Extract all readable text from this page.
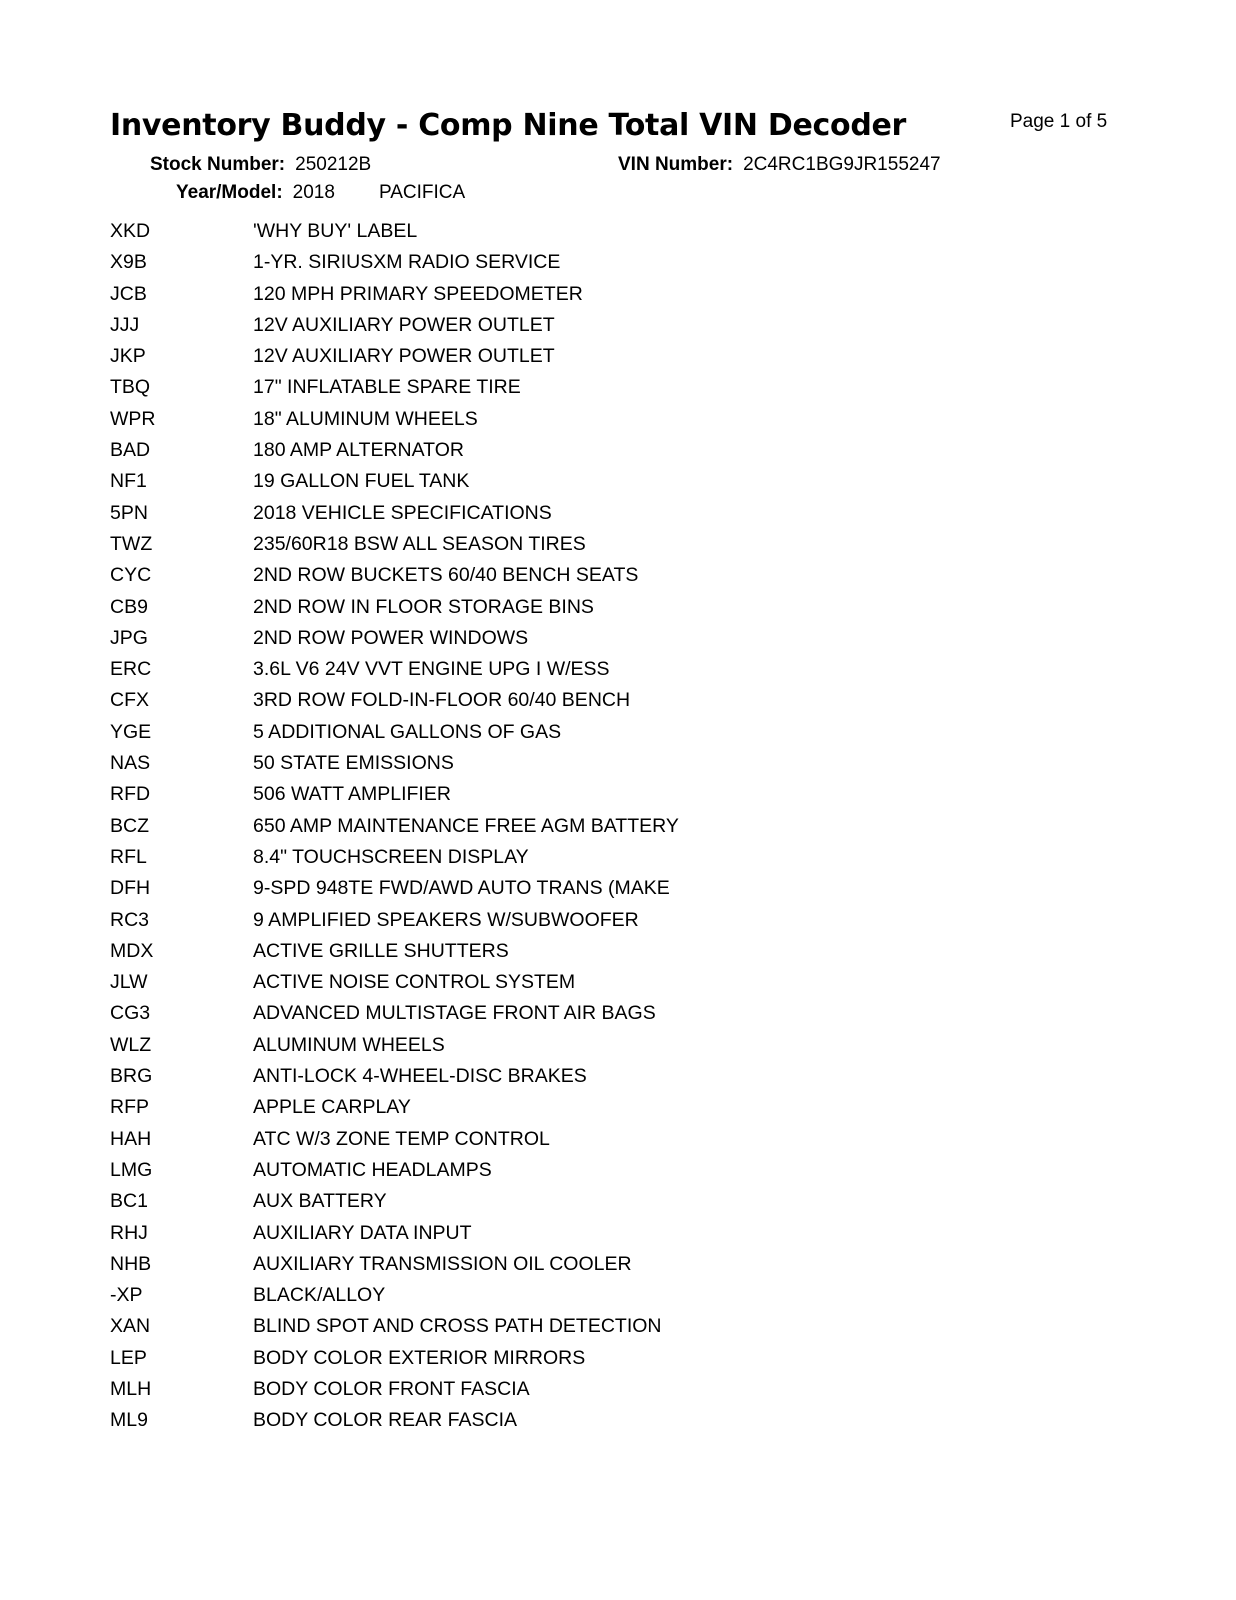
Inventory Buddy - Comp Nine Total VIN Decoder	Page 1 of 5
Stock Number: 250212B	VIN Number: 2C4RC1BG9JR155247
Year/Model: 2018 PACIFICA
XKD	'WHY BUY' LABEL
X9B	1-YR. SIRIUSXM RADIO SERVICE
JCB	120 MPH PRIMARY SPEEDOMETER
JJJ	12V AUXILIARY POWER OUTLET
JKP	12V AUXILIARY POWER OUTLET
TBQ	17" INFLATABLE SPARE TIRE
WPR	18" ALUMINUM WHEELS
BAD	180 AMP ALTERNATOR
NF1	19 GALLON FUEL TANK
5PN	2018 VEHICLE SPECIFICATIONS
TWZ	235/60R18 BSW ALL SEASON TIRES
CYC	2ND ROW BUCKETS 60/40 BENCH SEATS
CB9	2ND ROW IN FLOOR STORAGE BINS
JPG	2ND ROW POWER WINDOWS
ERC	3.6L V6 24V VVT ENGINE UPG I W/ESS
CFX	3RD ROW FOLD-IN-FLOOR 60/40 BENCH
YGE	5 ADDITIONAL GALLONS OF GAS
NAS	50 STATE EMISSIONS
RFD	506 WATT AMPLIFIER
BCZ	650 AMP MAINTENANCE FREE AGM BATTERY
RFL	8.4" TOUCHSCREEN DISPLAY
DFH	9-SPD 948TE FWD/AWD AUTO TRANS (MAKE
RC3	9 AMPLIFIED SPEAKERS W/SUBWOOFER
MDX	ACTIVE GRILLE SHUTTERS
JLW	ACTIVE NOISE CONTROL SYSTEM
CG3	ADVANCED MULTISTAGE FRONT AIR BAGS
WLZ	ALUMINUM WHEELS
BRG	ANTI-LOCK 4-WHEEL-DISC BRAKES
RFP	APPLE CARPLAY
HAH	ATC W/3 ZONE TEMP CONTROL
LMG	AUTOMATIC HEADLAMPS
BC1	AUX BATTERY
RHJ	AUXILIARY DATA INPUT
NHB	AUXILIARY TRANSMISSION OIL COOLER
-XP	BLACK/ALLOY
XAN	BLIND SPOT AND CROSS PATH DETECTION
LEP	BODY COLOR EXTERIOR MIRRORS
MLH	BODY COLOR FRONT FASCIA
ML9	BODY COLOR REAR FASCIA
